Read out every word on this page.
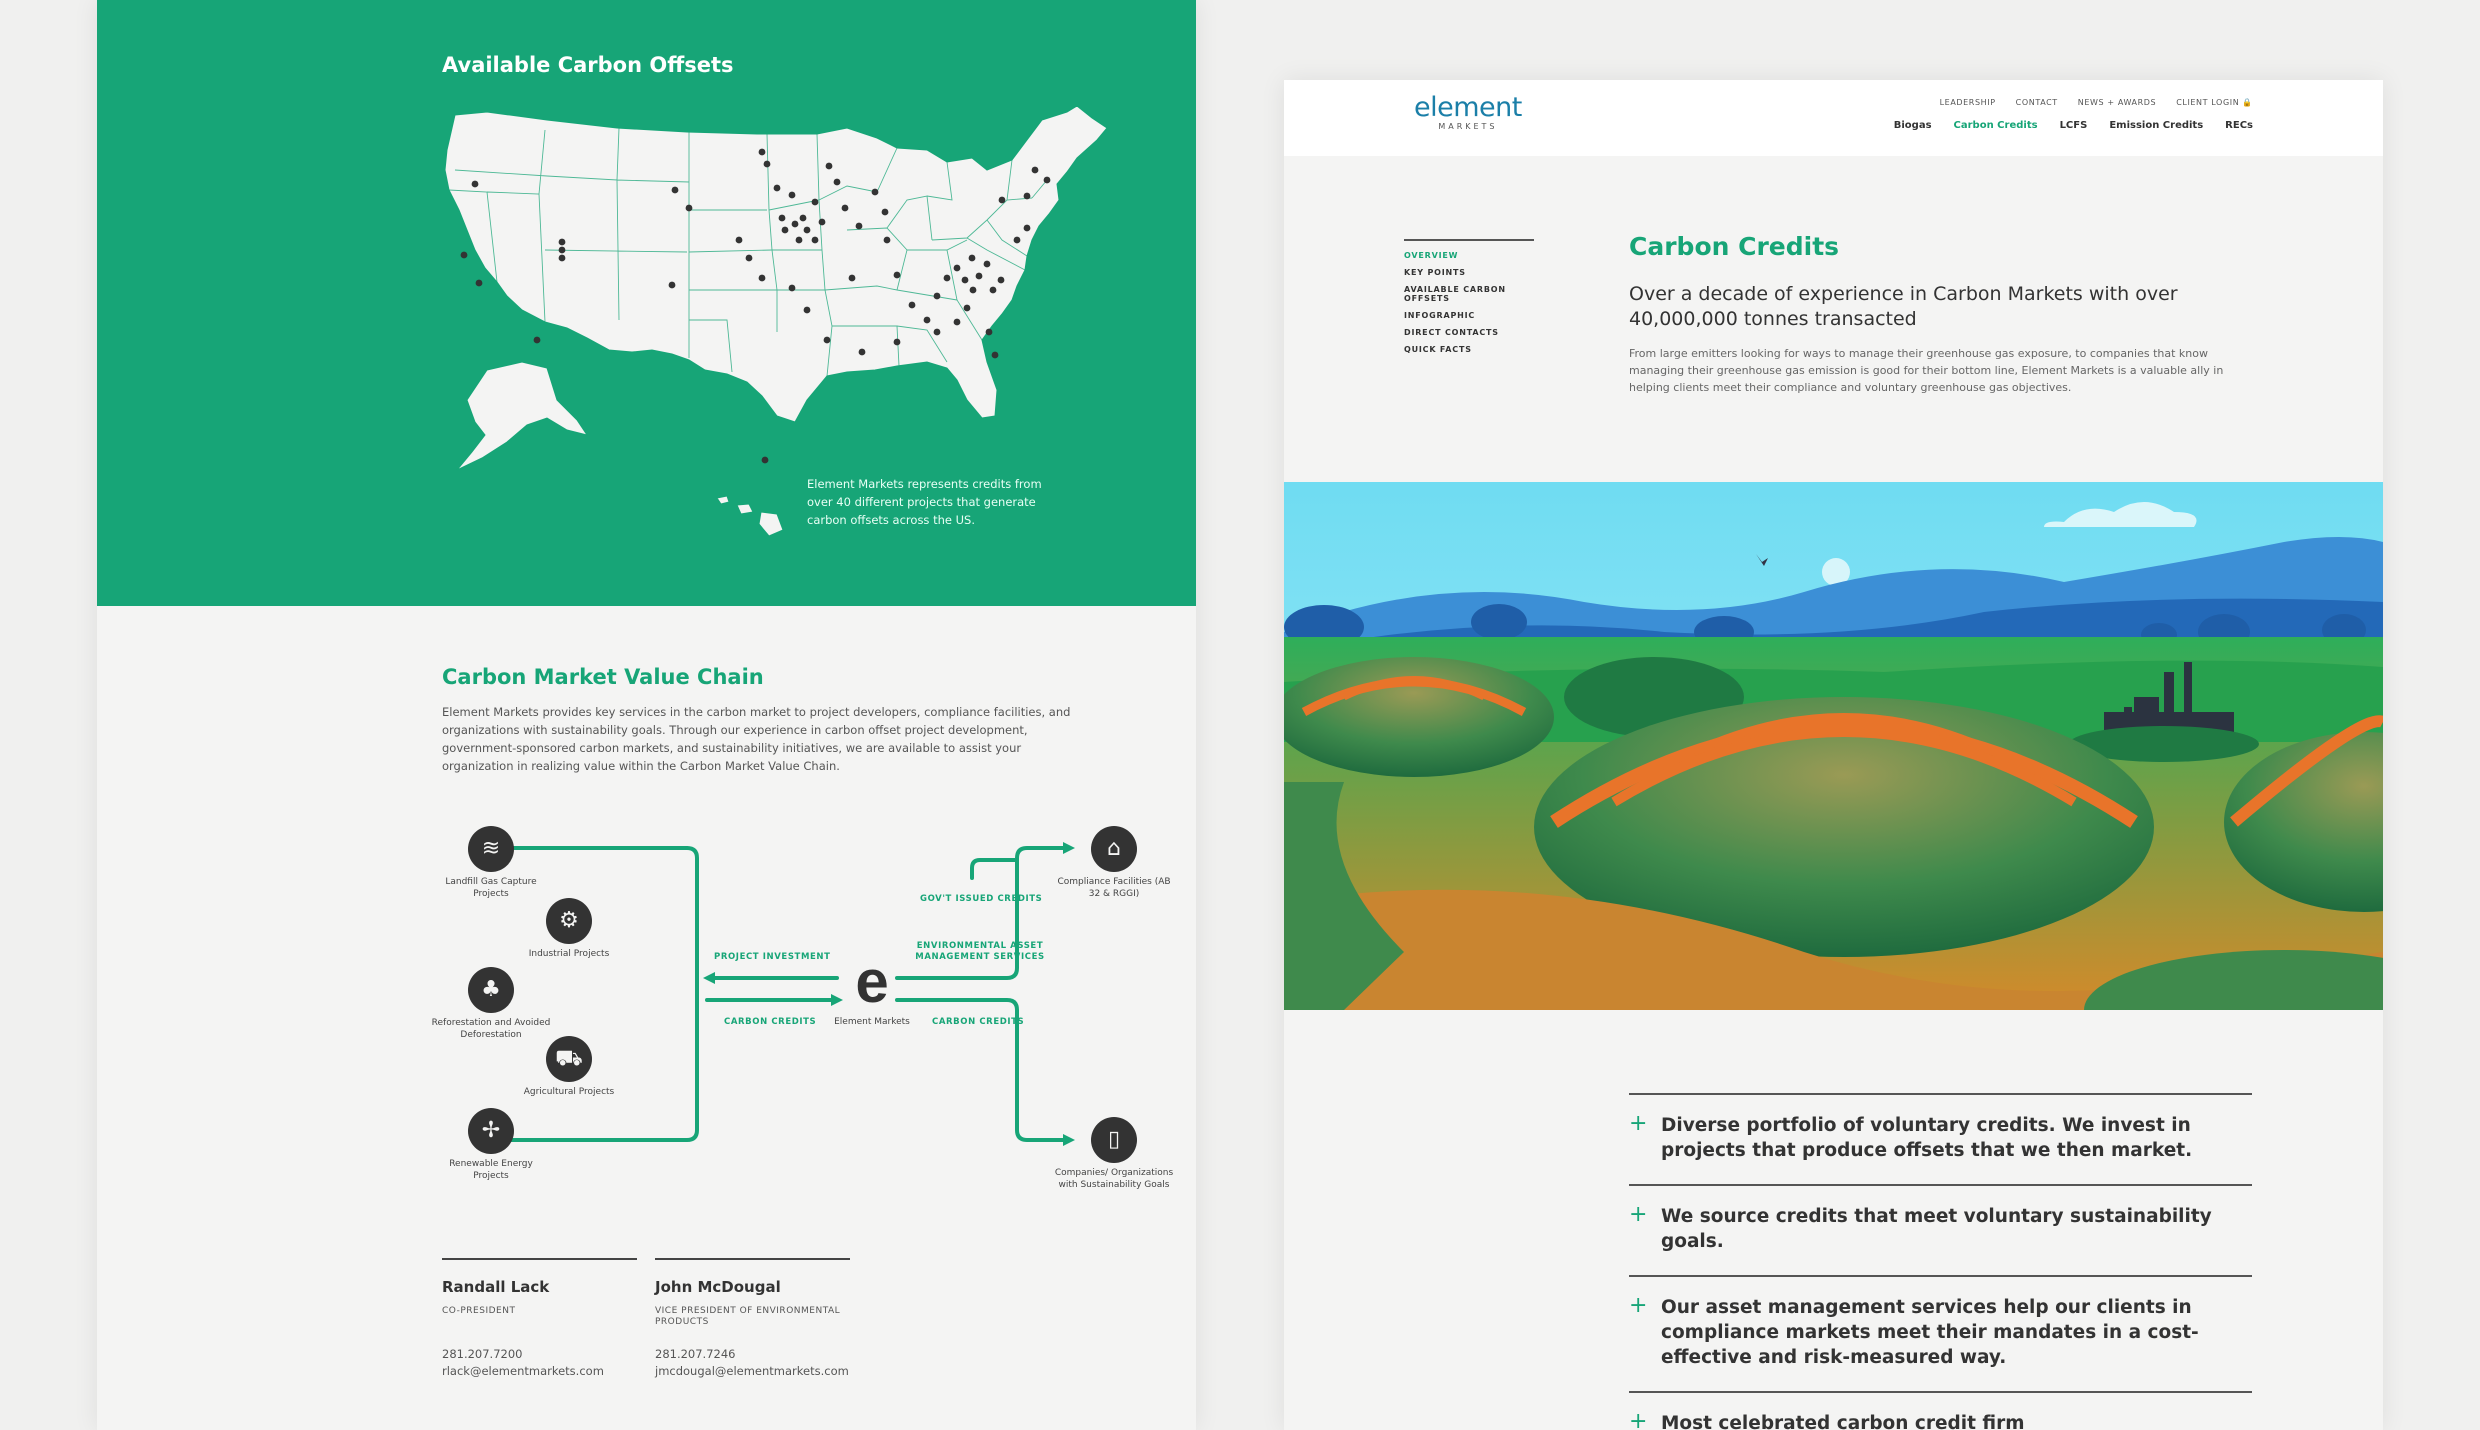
Available Carbon Offsets

Element Markets represents credits from over 40 different projects that generate carbon offsets across the US.

Carbon Market Value Chain

Element Markets provides key services in the carbon market to project developers, compliance facilities, and organizations with sustainability goals. Through our experience in carbon offset project development, government-sponsored carbon markets, and sustainability initiatives, we are available to assist your organization in realizing value within the Carbon Market Value Chain.

≋
Landfill Gas Capture Projects
⚙
Industrial Projects
♣
Reforestation and Avoided Deforestation
⛟
Agricultural Projects
✢
Renewable Energy Projects
e
Element Markets
⌂
Compliance Facilities (AB 32 & RGGI)
▯
Companies/ Organizations with Sustainability Goals
PROJECT INVESTMENT
CARBON CREDITS
GOV'T ISSUED CREDITS
ENVIRONMENTAL ASSET MANAGEMENT SERVICES
CARBON CREDITS
Randall Lack
CO-PRESIDENT
281.207.7200
rlack@elementmarkets.com
John McDougal
VICE PRESIDENT OF ENVIRONMENTAL PRODUCTS
281.207.7246
jmcdougal@elementmarkets.com
element
MARKETS
LEADERSHIP	CONTACT	NEWS + AWARDS	CLIENT LOGIN 🔒
Biogas Carbon Credits LCFS Emission Credits RECs
OVERVIEW
KEY POINTS
AVAILABLE CARBON OFFSETS
INFOGRAPHIC
DIRECT CONTACTS
QUICK FACTS
Carbon Credits

Over a decade of experience in Carbon Markets with over 40,000,000 tonnes transacted

From large emitters looking for ways to manage their greenhouse gas exposure, to companies that know managing their greenhouse gas emission is good for their bottom line, Element Markets is a valuable ally in helping clients meet their compliance and voluntary greenhouse gas objectives.

+ Diverse portfolio of voluntary credits. We invest in projects that produce offsets that we then market.
+ We source credits that meet voluntary sustainability goals.
+ Our asset management services help our clients in compliance markets meet their mandates in a cost-effective and risk-measured way.
+ Most celebrated carbon credit firm
